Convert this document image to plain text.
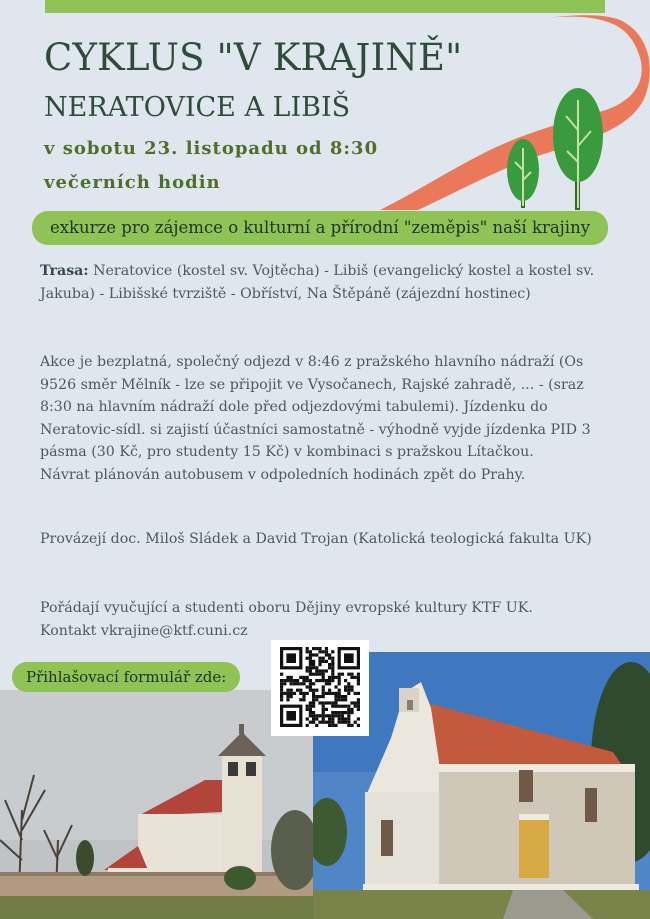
CYKLUS "V KRAJINĚ"
NERATOVICE A LIBIŠ
v sobotu 23. listopadu od 8:30
večerních hodin
exkurze pro zájemce o kulturní a přírodní "zeměpis" naší krajiny
Trasa: Neratovice (kostel sv. Vojtěcha) - Libiš (evangelický kostel a kostel sv. Jakuba) - Libišské tvrziště - Obříství, Na Štěpáně (zájezdní hostinec)
Akce je bezplatná, společný odjezd v 8:46 z pražského hlavního nádraží (Os 9526 směr Mělník - lze se připojit ve Vysočanech, Rajské zahradě, ... - (sraz 8:30 na hlavním nádraží dole před odjezdovými tabulemi). Jízdenku do Neratovic-sídl. si zajistí účastníci samostatně - výhodně vyjde jízdenka PID 3 pásma (30 Kč, pro studenty 15 Kč) v kombinaci s pražskou Lítačkou.
Návrat plánován autobusem v odpoledních hodinách zpět do Prahy.
Provázejí doc. Miloš Sládek a David Trojan (Katolická teologická fakulta UK)
Pořádají vyučující a studenti oboru Dějiny evropské kultury KTF UK.
Kontakt vkrajine@ktf.cuni.cz
Přihlašovací formulář zde:
